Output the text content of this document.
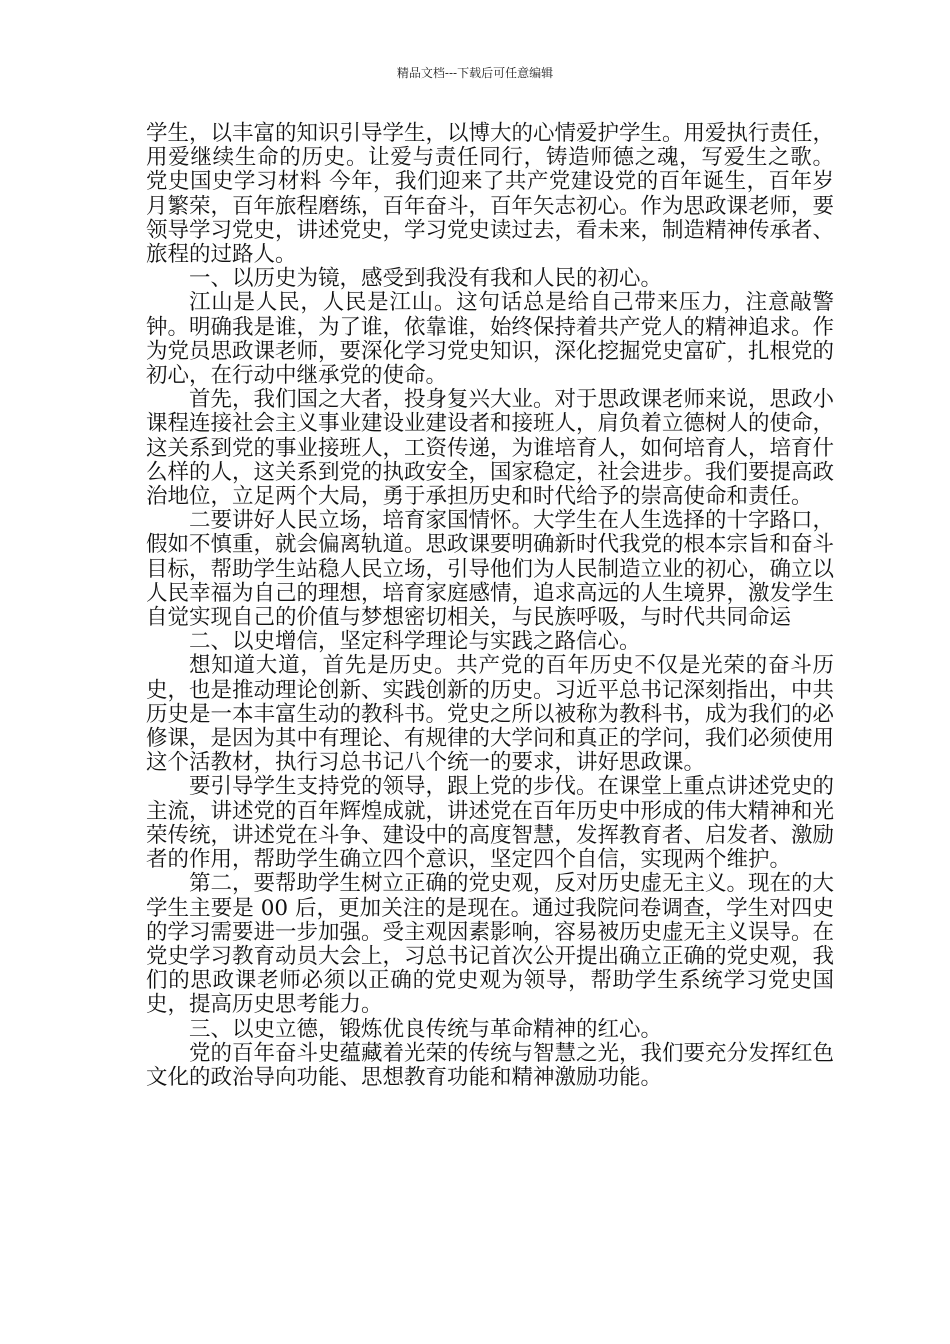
精品文档---下载后可任意编辑

学生，以丰富的知识引导学生，以博大的心情爱护学生。用爱执行责任，用爱继续生命的历史。让爱与责任同行，铸造师德之魂，写爱生之歌。 党史国史学习材料 今年，我们迎来了共产党建设党的百年诞生，百年岁月繁荣，百年旅程磨练，百年奋斗，百年矢志初心。作为思政课老师，要领导学习党史，讲述党史，学习党史读过去，看未来，制造精神传承者、旅程的过路人。

一、以历史为镜，感受到我没有我和人民的初心。

江山是人民，人民是江山。这句话总是给自己带来压力，注意敲警钟。明确我是谁，为了谁，依靠谁，始终保持着共产党人的精神追求。作为党员思政课老师，要深化学习党史知识，深化挖掘党史富矿，扎根党的初心，在行动中继承党的使命。

首先，我们国之大者，投身复兴大业。对于思政课老师来说，思政小课程连接社会主义事业建设业建设者和接班人，肩负着立德树人的使命，这关系到党的事业接班人，工资传递，为谁培育人，如何培育人，培育什么样的人，这关系到党的执政安全，国家稳定，社会进步。我们要提高政治地位，立足两个大局，勇于承担历史和时代给予的崇高使命和责任。

二要讲好人民立场，培育家国情怀。大学生在人生选择的十字路口，假如不慎重，就会偏离轨道。思政课要明确新时代我党的根本宗旨和奋斗目标，帮助学生站稳人民立场，引导他们为人民制造立业的初心，确立以人民幸福为自己的理想，培育家庭感情，追求高远的人生境界，激发学生自觉实现自己的价值与梦想密切相关，与民族呼吸，与时代共同命运

二、以史增信，坚定科学理论与实践之路信心。

想知道大道，首先是历史。共产党的百年历史不仅是光荣的奋斗历史，也是推动理论创新、实践创新的历史。习近平总书记深刻指出，中共历史是一本丰富生动的教科书。党史之所以被称为教科书，成为我们的必修课，是因为其中有理论、有规律的大学问和真正的学问，我们必须使用这个活教材，执行习总书记八个统一的要求，讲好思政课。

要引导学生支持党的领导，跟上党的步伐。在课堂上重点讲述党史的主流，讲述党的百年辉煌成就，讲述党在百年历史中形成的伟大精神和光荣传统，讲述党在斗争、建设中的高度智慧，发挥教育者、启发者、激励者的作用，帮助学生确立四个意识，坚定四个自信，实现两个维护。

第二，要帮助学生树立正确的党史观，反对历史虚无主义。现在的大学生主要是 00 后，更加关注的是现在。通过我院问卷调查，学生对四史的学习需要进一步加强。受主观因素影响，容易被历史虚无主义误导。在党史学习教育动员大会上，习总书记首次公开提出确立正确的党史观，我们的思政课老师必须以正确的党史观为领导，帮助学生系统学习党史国史，提高历史思考能力。

三、以史立德，锻炼优良传统与革命精神的红心。

党的百年奋斗史蕴藏着光荣的传统与智慧之光，我们要充分发挥红色文化的政治导向功能、思想教育功能和精神激励功能。
